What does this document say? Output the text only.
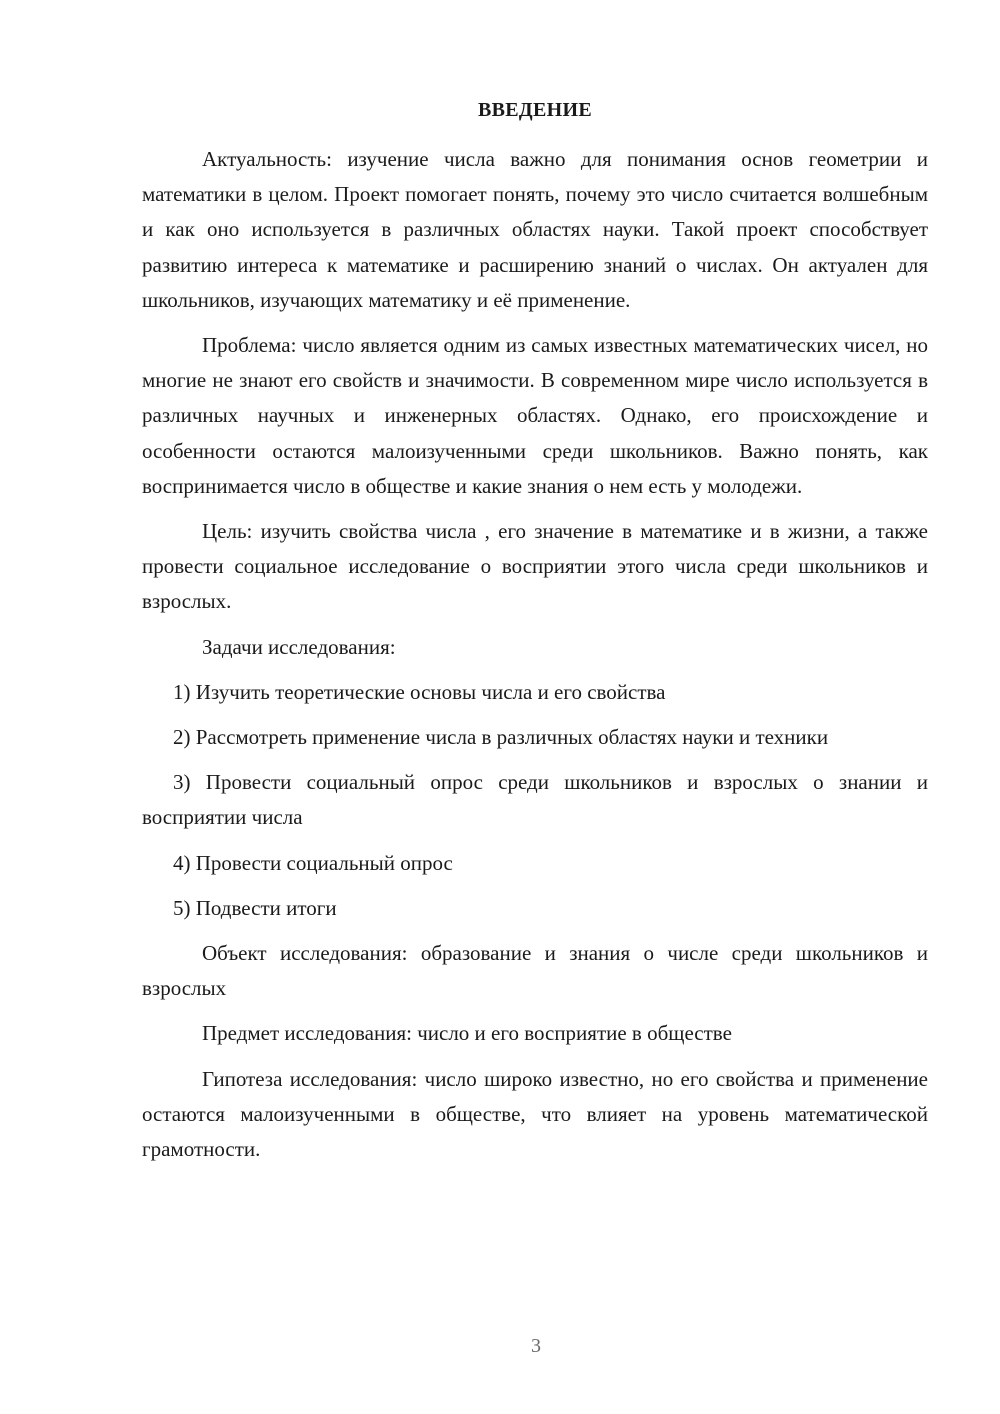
ВВЕДЕНИЕ

Актуальность: изучение числа важно для понимания основ геометрии и математики в целом. Проект помогает понять, почему это число считается волшебным и как оно используется в различных областях науки. Такой проект способствует развитию интереса к математике и расширению знаний о числах. Он актуален для школьников, изучающих математику и её применение.

Проблема: число является одним из самых известных математических чисел, но многие не знают его свойств и значимости. В современном мире число используется в различных научных и инженерных областях. Однако, его происхождение и особенности остаются малоизученными среди школьников. Важно понять, как воспринимается число в обществе и какие знания о нем есть у молодежи.

Цель: изучить свойства числа , его значение в математике и в жизни, а также провести социальное исследование о восприятии этого числа среди школьников и взрослых.

Задачи исследования:

1) Изучить теоретические основы числа и его свойства

2) Рассмотреть применение числа в различных областях науки и техники

3) Провести социальный опрос среди школьников и взрослых о знании и восприятии числа

4) Провести социальный опрос

5) Подвести итоги

Объект исследования: образование и знания о числе среди школьников и взрослых

Предмет исследования: число и его восприятие в обществе

Гипотеза исследования: число широко известно, но его свойства и применение остаются малоизученными в обществе, что влияет на уровень математической грамотности.

3
